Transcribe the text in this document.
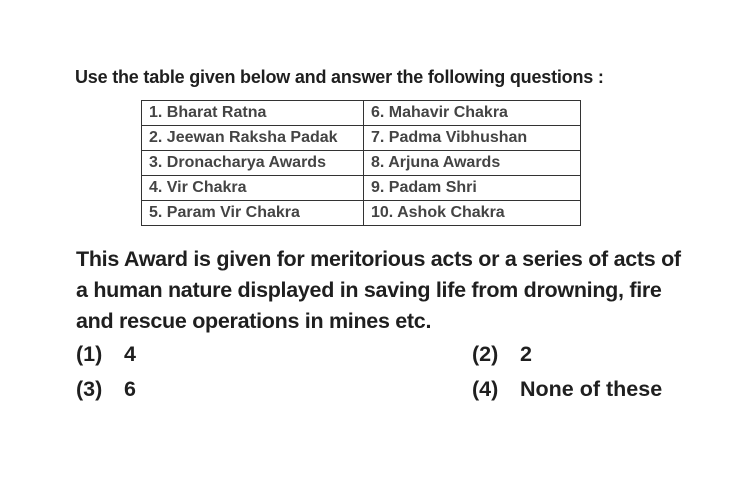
Use the table given below and answer the following questions :
1. Bharat Ratna	6. Mahavir Chakra
2. Jeewan Raksha Padak	7. Padma Vibhushan
3. Dronacharya Awards	8. Arjuna Awards
4. Vir Chakra	9. Padam Shri
5. Param Vir Chakra	10. Ashok Chakra
This Award is given for meritorious acts or a series of acts of a human nature displayed in saving life from drowning, fire and rescue operations in mines etc.
(1) 4	(2) 2
(3) 6	(4) None of these
